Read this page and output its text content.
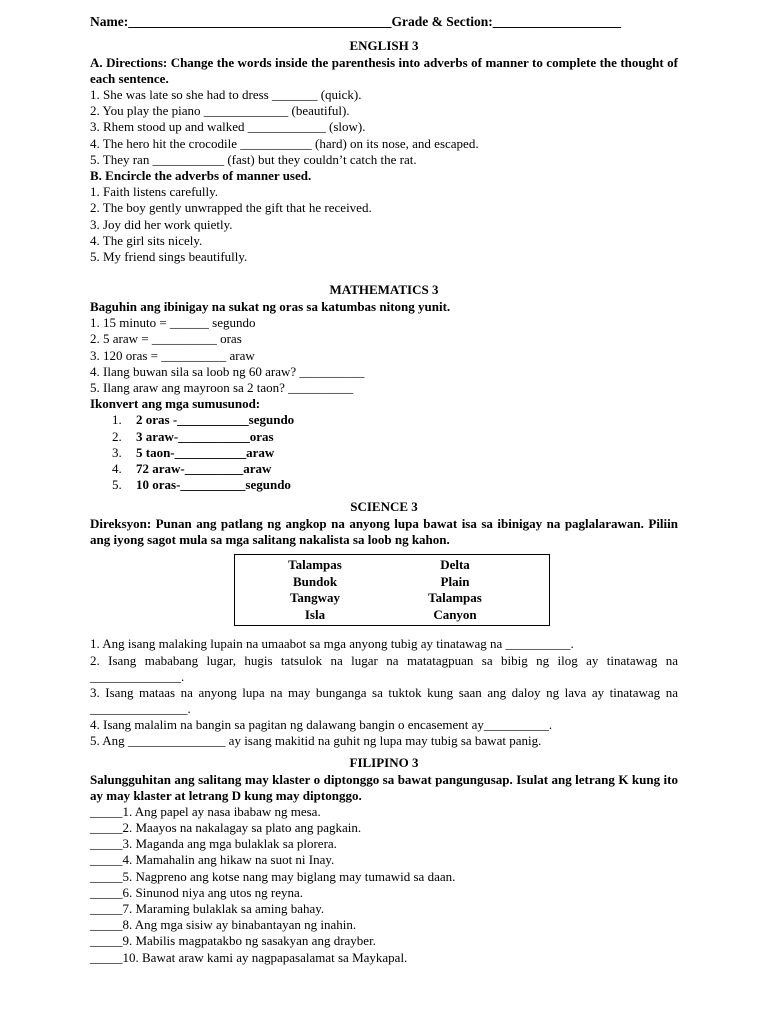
Name:_______________________________________Grade & Section:___________________
ENGLISH 3
A. Directions: Change the words inside the parenthesis into adverbs of manner to complete the thought of each sentence.
1. She was late so she had to dress _______ (quick).
2. You play the piano _____________ (beautiful).
3. Rhem stood up and walked ____________ (slow).
4. The hero hit the crocodile ___________ (hard) on its nose, and escaped.
5. They ran ___________ (fast) but they couldn’t catch the rat.
B. Encircle the adverbs of manner used.
1. Faith listens carefully.
2. The boy gently unwrapped the gift that he received.
3. Joy did her work quietly.
4. The girl sits nicely.
5. My friend sings beautifully.
MATHEMATICS 3
Baguhin ang ibinigay na sukat ng oras sa katumbas nitong yunit.
1. 15 minuto = ______ segundo
2. 5 araw = __________ oras
3. 120 oras = __________ araw
4. Ilang buwan sila sa loob ng 60 araw? __________
5. Ilang araw ang mayroon sa 2 taon? __________
Ikonvert ang mga sumusunod:
1.	2 oras -___________segundo
2.	3 araw-___________oras
3.	5 taon-___________araw
4.	72 araw-_________araw
5.	10 oras-__________segundo
SCIENCE 3
Direksyon: Punan ang patlang ng angkop na anyong lupa bawat isa sa ibinigay na paglalarawan. Piliin ang iyong sagot mula sa mga salitang nakalista sa loob ng kahon.
Talampas	Delta
Bundok	Plain
Tangway	Talampas
Isla	Canyon
1. Ang isang malaking lupain na umaabot sa mga anyong tubig ay tinatawag na __________.
2. Isang mababang lugar, hugis tatsulok na lugar na matatagpuan sa bibig ng ilog ay tinatawag na ______________.
3. Isang mataas na anyong lupa na may bunganga sa tuktok kung saan ang daloy ng lava ay tinatawag na _______________.
4. Isang malalim na bangin sa pagitan ng dalawang bangin o encasement ay__________.
5. Ang _______________ ay isang makitid na guhit ng lupa may tubig sa bawat panig.
FILIPINO 3
Salungguhitan ang salitang may klaster o diptonggo sa bawat pangungusap. Isulat ang letrang K kung ito ay may klaster at letrang D kung may diptonggo.
_____1. Ang papel ay nasa ibabaw ng mesa.
_____2. Maayos na nakalagay sa plato ang pagkain.
_____3. Maganda ang mga bulaklak sa plorera.
_____4. Mamahalin ang hikaw na suot ni Inay.
_____5. Nagpreno ang kotse nang may biglang may tumawid sa daan.
_____6. Sinunod niya ang utos ng reyna.
_____7. Maraming bulaklak sa aming bahay.
_____8. Ang mga sisiw ay binabantayan ng inahin.
_____9. Mabilis magpatakbo ng sasakyan ang drayber.
_____10. Bawat araw kami ay nagpapasalamat sa Maykapal.
